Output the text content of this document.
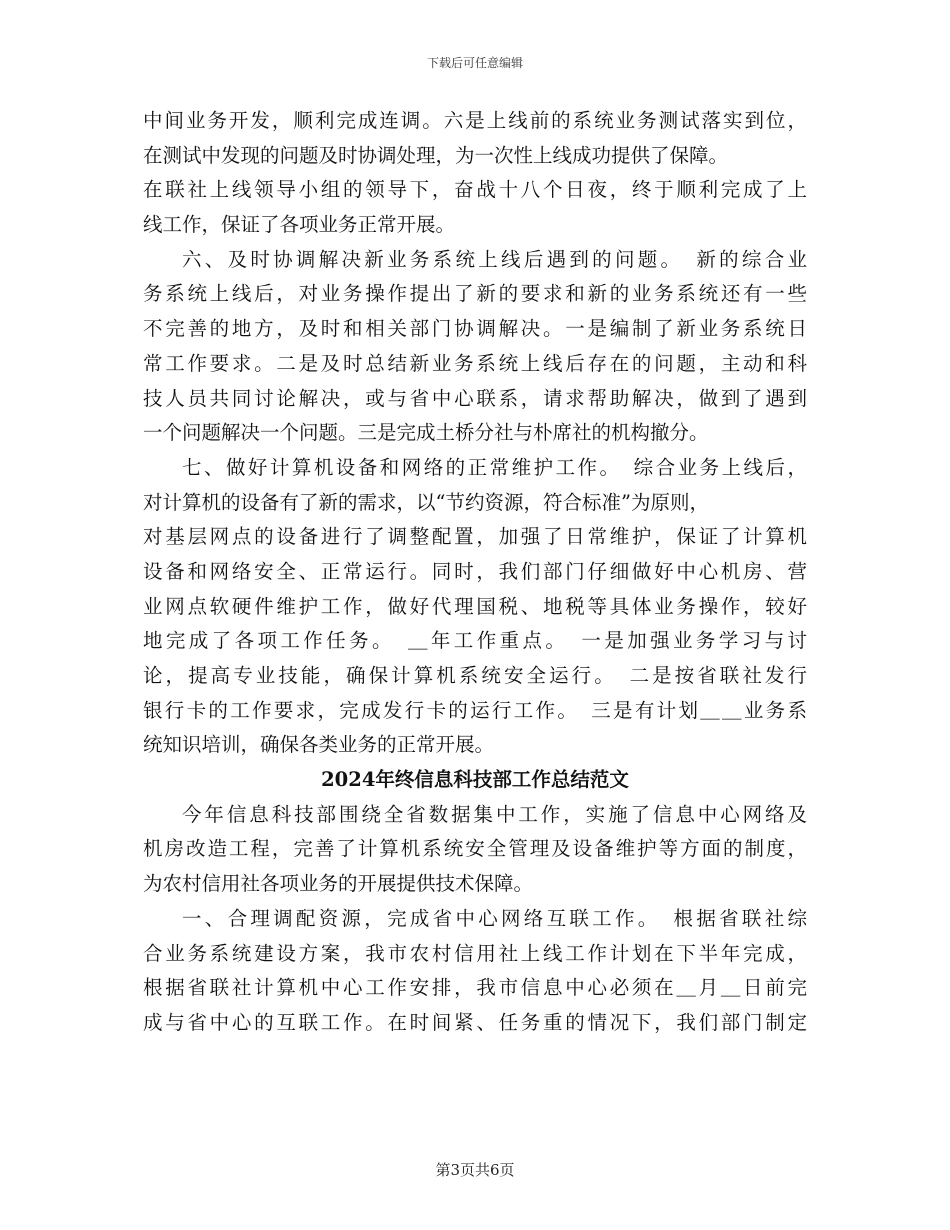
下载后可任意编辑
中间业务开发，顺利完成连调。六是上线前的系统业务测试落实到位，
在测试中发现的问题及时协调处理，为一次性上线成功提供了保障。
在联社上线领导小组的领导下，奋战十八个日夜，终于顺利完成了上
线工作，保证了各项业务正常开展。
六、及时协调解决新业务系统上线后遇到的问题。　新的综合业
务系统上线后，对业务操作提出了新的要求和新的业务系统还有一些
不完善的地方，及时和相关部门协调解决。一是编制了新业务系统日
常工作要求。二是及时总结新业务系统上线后存在的问题，主动和科
技人员共同讨论解决，或与省中心联系，请求帮助解决，做到了遇到
一个问题解决一个问题。三是完成土桥分社与朴席社的机构撤分。
七、做好计算机设备和网络的正常维护工作。　综合业务上线后，
对计算机的设备有了新的需求，以“节约资源，符合标准”为原则，
对基层网点的设备进行了调整配置，加强了日常维护，保证了计算机
设备和网络安全、正常运行。同时，我们部门仔细做好中心机房、营
业网点软硬件维护工作，做好代理国税、地税等具体业务操作，较好
地完成了各项工作任务。　＿年工作重点。　一是加强业务学习与讨
论，提高专业技能，确保计算机系统安全运行。　二是按省联社发行
银行卡的工作要求，完成发行卡的运行工作。　三是有计划＿＿业务系
统知识培训，确保各类业务的正常开展。
2024年终信息科技部工作总结范文
今年信息科技部围绕全省数据集中工作，实施了信息中心网络及
机房改造工程，完善了计算机系统安全管理及设备维护等方面的制度，
为农村信用社各项业务的开展提供技术保障。
一、合理调配资源，完成省中心网络互联工作。　根据省联社综
合业务系统建设方案，我市农村信用社上线工作计划在下半年完成，
根据省联社计算机中心工作安排，我市信息中心必须在＿月＿日前完
成与省中心的互联工作。在时间紧、任务重的情况下，我们部门制定
第3页共6页
